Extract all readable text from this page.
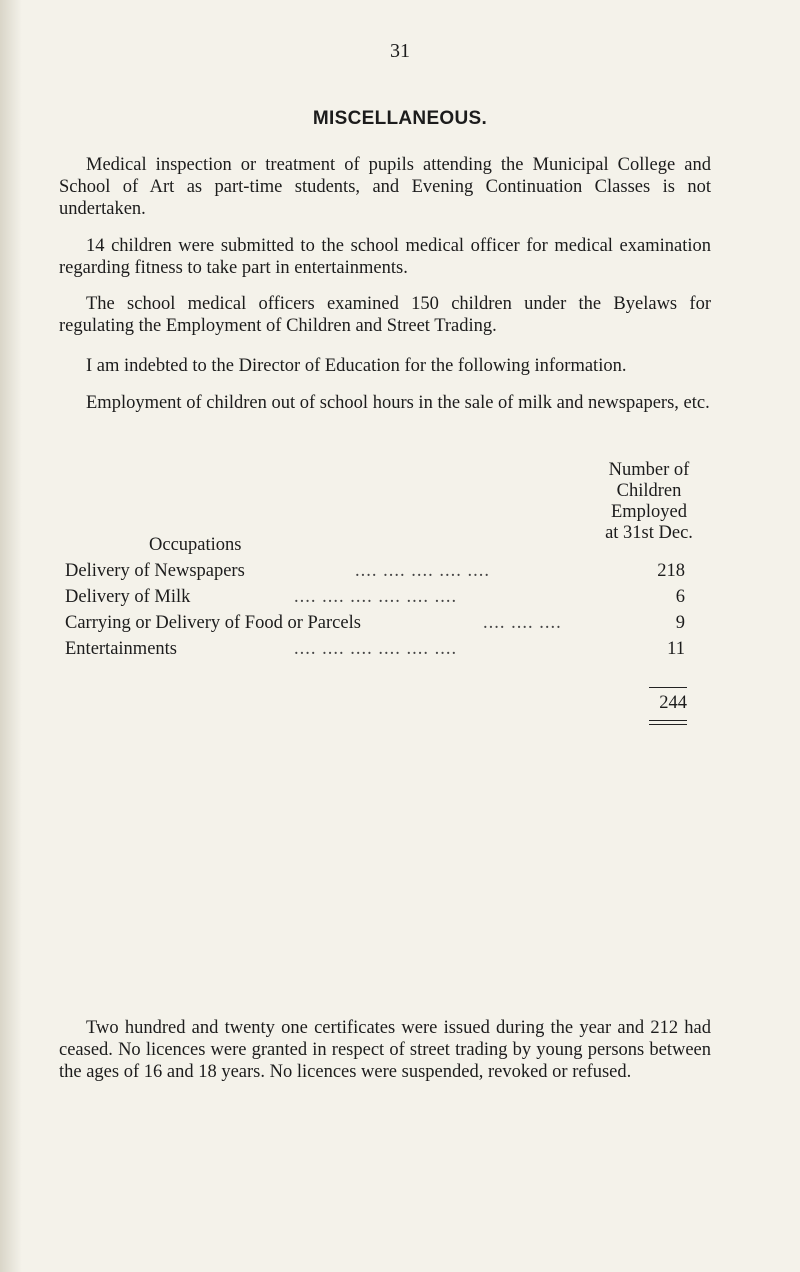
31
MISCELLANEOUS.

Medical inspection or treatment of pupils attending the Municipal College and School of Art as part-time students, and Evening Continuation Classes is not undertaken.

14 children were submitted to the school medical officer for medical examination regarding fitness to take part in entertainments.

The school medical officers examined 150 children under the Byelaws for regulating the Employment of Children and Street Trading.

I am indebted to the Director of Education for the following information.

Employment of children out of school hours in the sale of milk and newspapers, etc.

Number of
Children
Employed
at 31st Dec.
Occupations
Delivery of Newspapers	.... .... .... .... ....	218
Delivery of Milk	.... .... .... .... .... ....	6
Carrying or Delivery of Food or Parcels	.... .... ....	9
Entertainments	.... .... .... .... .... ....	11
244

Two hundred and twenty one certificates were issued during the year and 212 had ceased. No licences were granted in respect of street trading by young persons between the ages of 16 and 18 years. No licences were suspended, revoked or refused.
